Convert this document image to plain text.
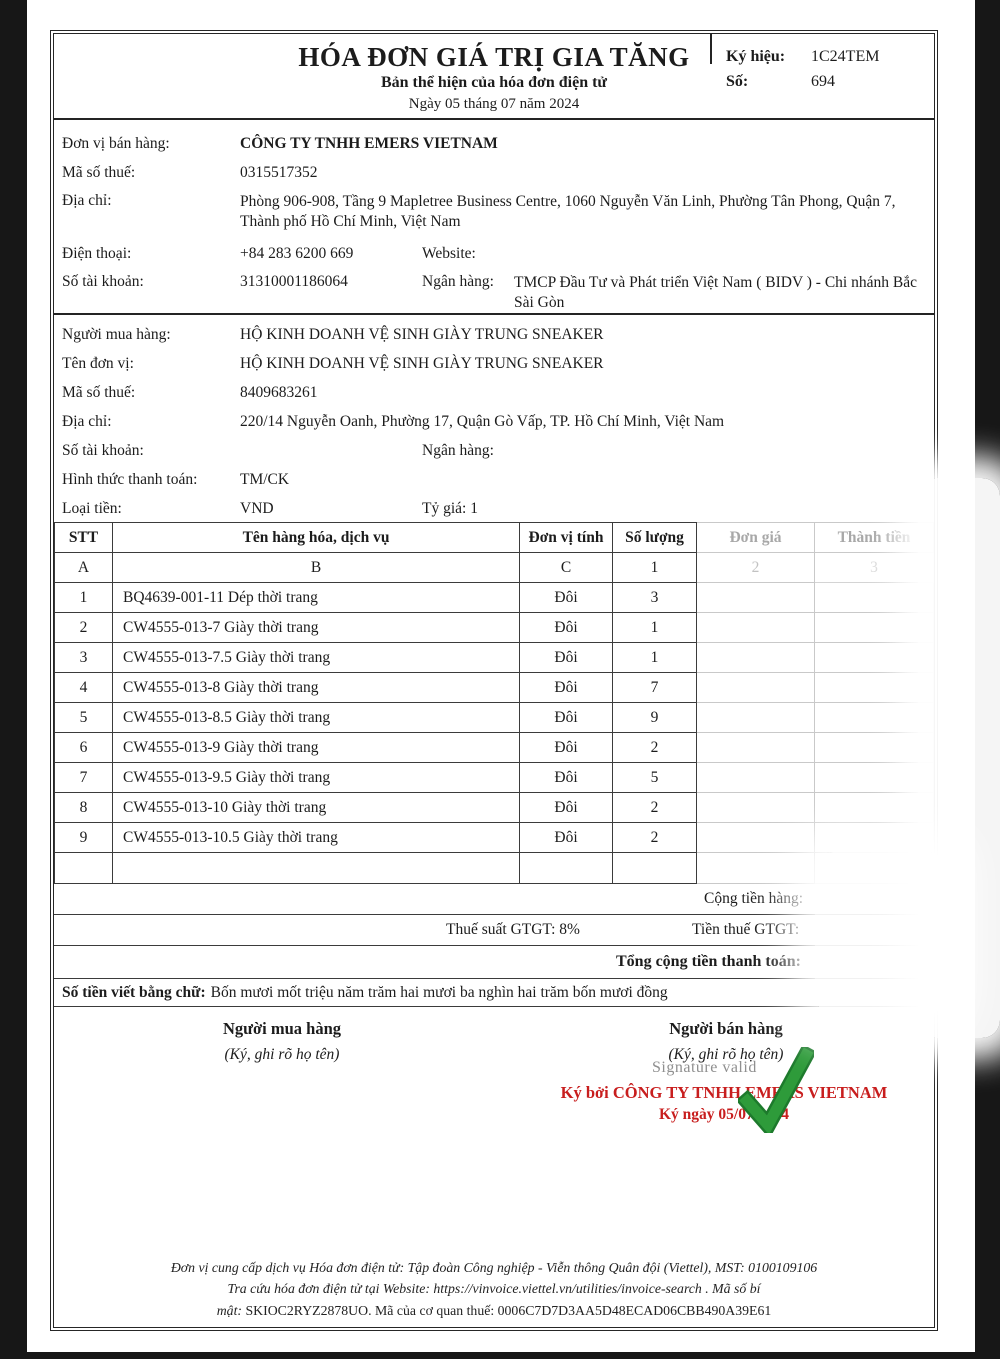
HÓA ĐƠN GIÁ TRỊ GIA TĂNG
Bản thể hiện của hóa đơn điện tử
Ngày 05 tháng 07 năm 2024
Ký hiệu:	1C24TEM
Số:	694
Đơn vị bán hàng:	CÔNG TY TNHH EMERS VIETNAM
Mã số thuế:	0315517352
Địa chỉ:	Phòng 906-908, Tầng 9 Mapletree Business Centre, 1060 Nguyễn Văn Linh, Phường Tân Phong, Quận 7, Thành phố Hồ Chí Minh, Việt Nam
Điện thoại:	+84 283 6200 669	Website:
Số tài khoản:	31310001186064	Ngân hàng:	TMCP Đầu Tư và Phát triển Việt Nam ( BIDV ) - Chi nhánh Bắc Sài Gòn
Người mua hàng:	HỘ KINH DOANH VỆ SINH GIÀY TRUNG SNEAKER
Tên đơn vị:	HỘ KINH DOANH VỆ SINH GIÀY TRUNG SNEAKER
Mã số thuế:	8409683261
Địa chỉ:	220/14 Nguyễn Oanh, Phường 17, Quận Gò Vấp, TP. Hồ Chí Minh, Việt Nam
Số tài khoản:	Ngân hàng:
Hình thức thanh toán:	TM/CK
Loại tiền:	VND	Tỷ giá: 1
STT	Tên hàng hóa, dịch vụ	Đơn vị tính	Số lượng	Đơn giá	Thành tiền
A	B	C	1	2	3
1	BQ4639-001-11 Dép thời trang	Đôi	3		
2	CW4555-013-7 Giày thời trang	Đôi	1		
3	CW4555-013-7.5 Giày thời trang	Đôi	1		
4	CW4555-013-8 Giày thời trang	Đôi	7		
5	CW4555-013-8.5 Giày thời trang	Đôi	9		
6	CW4555-013-9 Giày thời trang	Đôi	2		
7	CW4555-013-9.5 Giày thời trang	Đôi	5		
8	CW4555-013-10 Giày thời trang	Đôi	2		
9	CW4555-013-10.5 Giày thời trang	Đôi	2		

Cộng tiền hàng:
Thuế suất GTGT: 8%	Tiền thuế GTGT:
Tổng cộng tiền thanh toán:
Số tiền viết bằng chữ: Bốn mươi mốt triệu năm trăm hai mươi ba nghìn hai trăm bốn mươi đồng
Người mua hàng
(Ký, ghi rõ họ tên)
Người bán hàng
(Ký, ghi rõ họ tên)
Signature valid
Ký bởi CÔNG TY TNHH EMERS VIETNAM
Ký ngày 05/07/2024
Đơn vị cung cấp dịch vụ Hóa đơn điện tử: Tập đoàn Công nghiệp - Viễn thông Quân đội (Viettel), MST: 0100109106
Tra cứu hóa đơn điện tử tại Website: https://vinvoice.viettel.vn/utilities/invoice-search . Mã số bí
mật: SKIOC2RYZ2878UO. Mã của cơ quan thuế: 0006C7D7D3AA5D48ECAD06CBB490A39E61
